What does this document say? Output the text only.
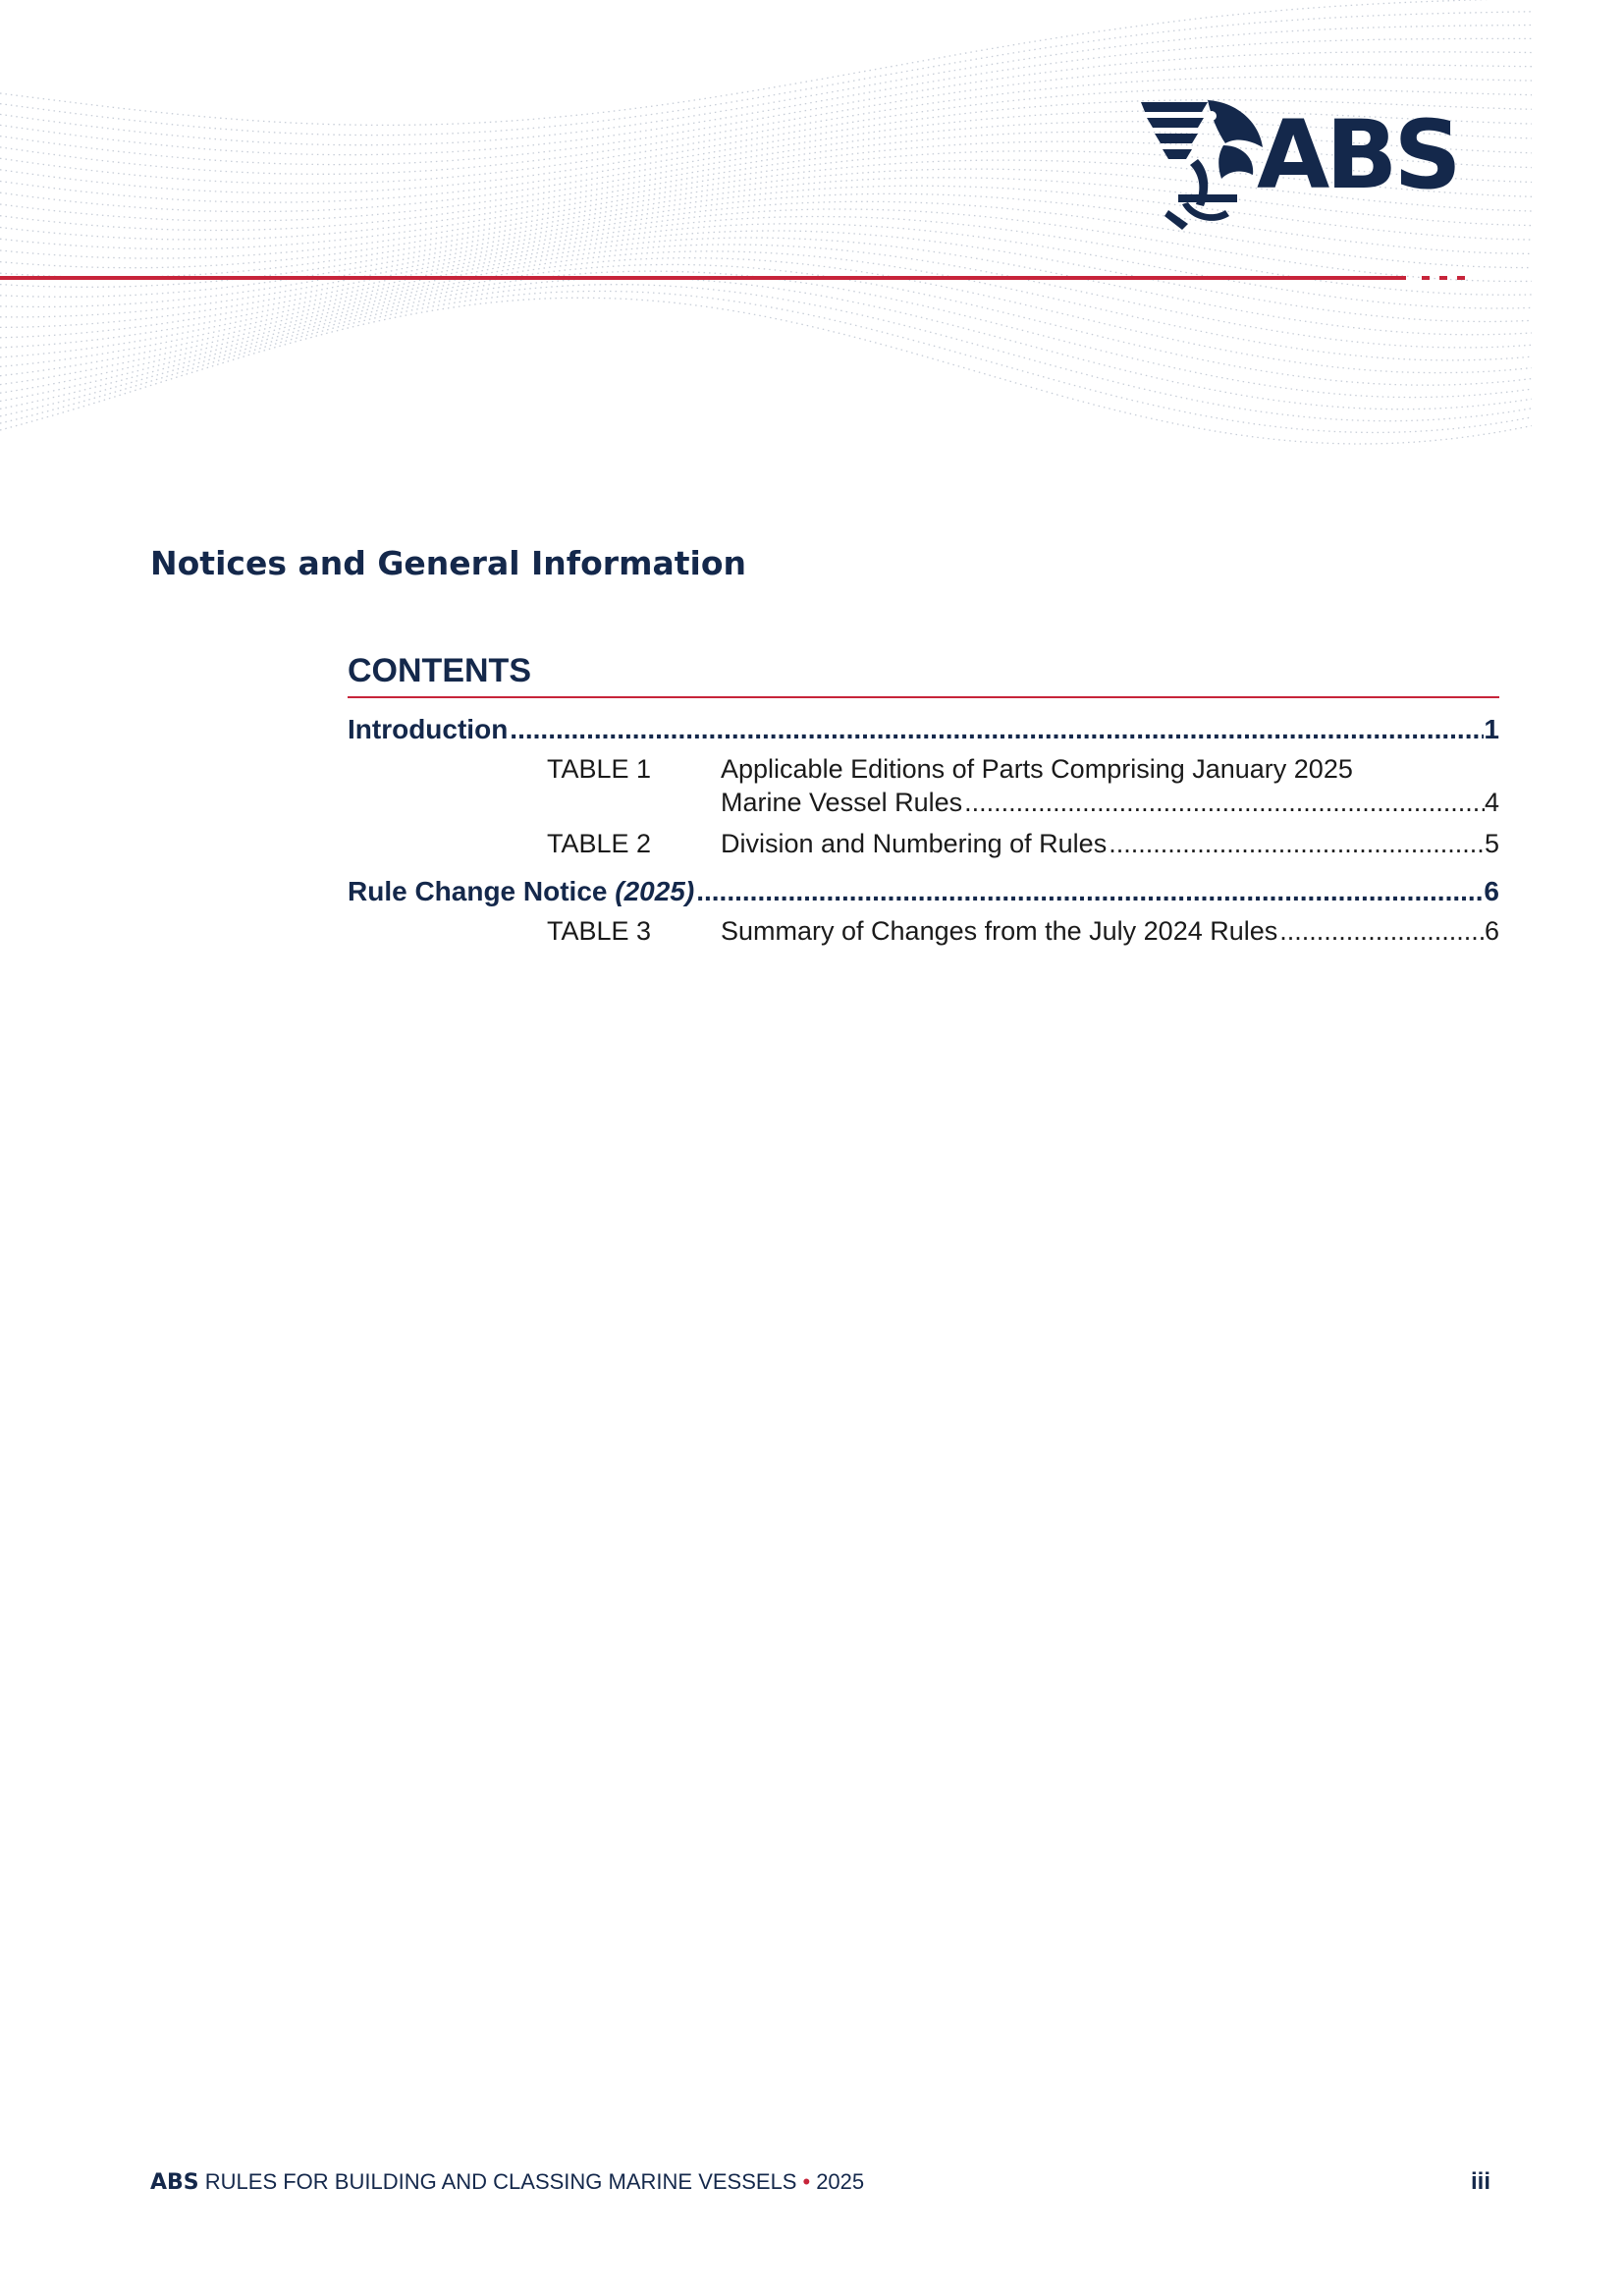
ABS
Notices and General Information
CONTENTS
Introduction .....	1
TABLE 1	Applicable Editions of Parts Comprising January 2025
Marine Vessel Rules .....	4
TABLE 2	Division and Numbering of Rules .....	5
Rule Change Notice (2025) .....	6
TABLE 3	Summary of Changes from the July 2024 Rules .....	6
ABS RULES FOR BUILDING AND CLASSING MARINE VESSELS • 2025	iii
